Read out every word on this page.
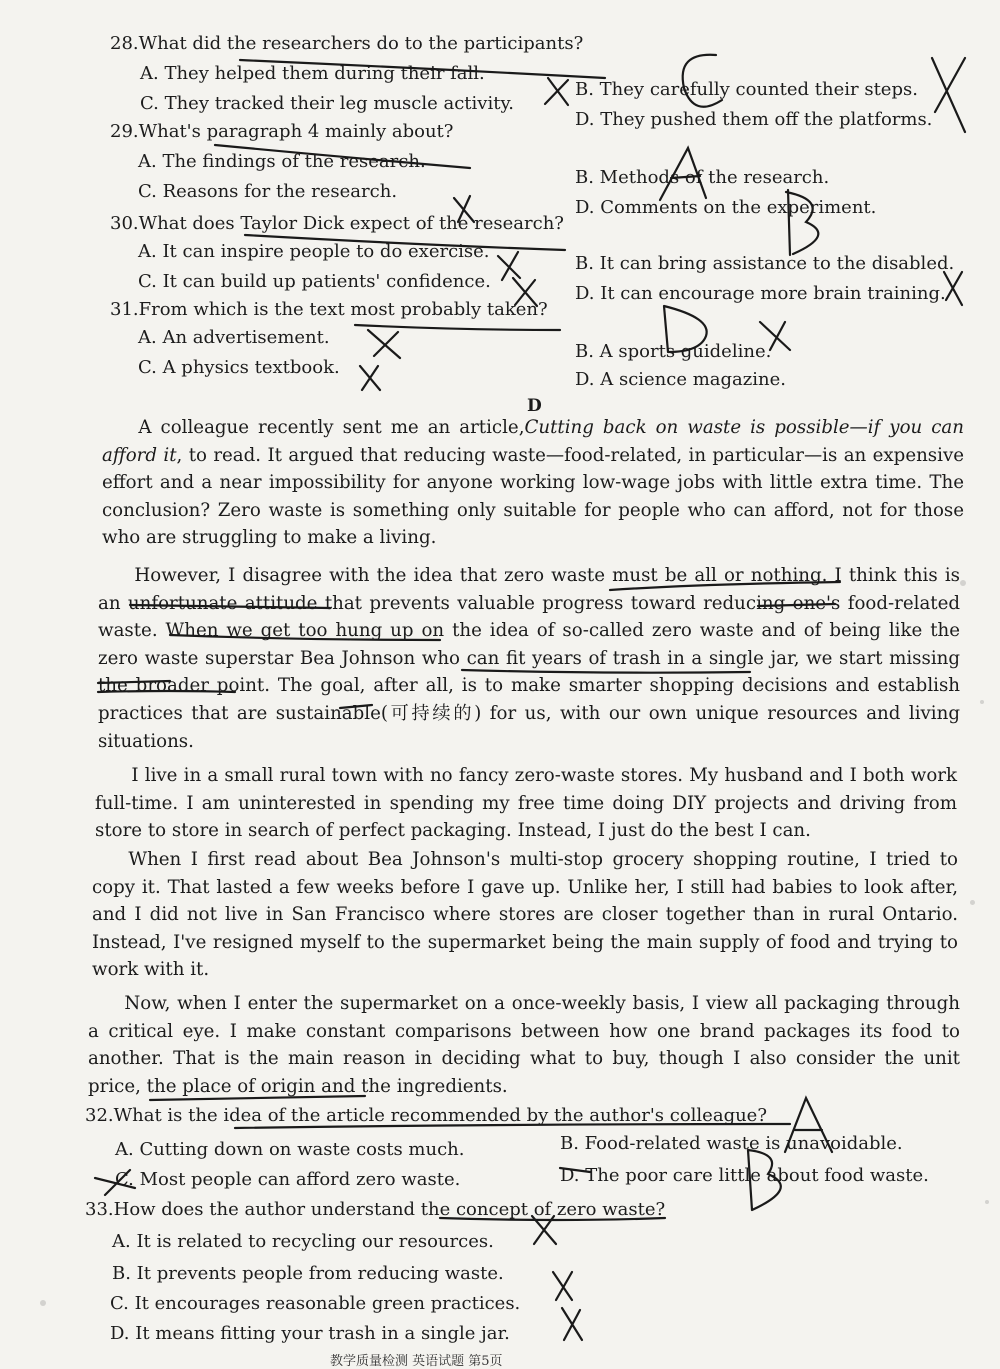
28.What did the researchers do to the participants?
A. They helped them during their fall.
B. They carefully counted their steps.
C. They tracked their leg muscle activity.
D. They pushed them off the platforms.
29.What's paragraph 4 mainly about?
A. The findings of the research.
B. Methods of the research.
C. Reasons for the research.
D. Comments on the experiment.
30.What does Taylor Dick expect of the research?
A. It can inspire people to do exercise.
B. It can bring assistance to the disabled.
C. It can build up patients' confidence.
D. It can encourage more brain training.
31.From which is the text most probably taken?
A. An advertisement.
B. A sports guideline.
C. A physics textbook.
D. A science magazine.
D

A colleague recently sent me an article,Cutting back on waste is possible—if you can afford it, to read. It argued that reducing waste—food-related, in particular—is an expensive effort and a near impossibility for anyone working low-wage jobs with little extra time. The conclusion? Zero waste is something only suitable for people who can afford, not for those who are struggling to make a living.

However, I disagree with the idea that zero waste must be all or nothing. I think this is an unfortunate attitude that prevents valuable progress toward reducing one's food-related waste. When we get too hung up on the idea of so-called zero waste and of being like the zero waste superstar Bea Johnson who can fit years of trash in a single jar, we start missing the broader point. The goal, after all, is to make smarter shopping decisions and establish practices that are sustainable(可持续的) for us, with our own unique resources and living situations.

I live in a small rural town with no fancy zero-waste stores. My husband and I both work full-time. I am uninterested in spending my free time doing DIY projects and driving from store to store in search of perfect packaging. Instead, I just do the best I can.

When I first read about Bea Johnson's multi-stop grocery shopping routine, I tried to copy it. That lasted a few weeks before I gave up. Unlike her, I still had babies to look after, and I did not live in San Francisco where stores are closer together than in rural Ontario. Instead, I've resigned myself to the supermarket being the main supply of food and trying to work with it.

Now, when I enter the supermarket on a once-weekly basis, I view all packaging through a critical eye. I make constant comparisons between how one brand packages its food to another. That is the main reason in deciding what to buy, though I also consider the unit price, the place of origin and the ingredients.

32.What is the idea of the article recommended by the author's colleague?
A. Cutting down on waste costs much.	B. Food-related waste is unavoidable.
C. Most people can afford zero waste.	D. The poor care little about food waste.
33.How does the author understand the concept of zero waste?
A. It is related to recycling our resources.
B. It prevents people from reducing waste.
C. It encourages reasonable green practices.
D. It means fitting your trash in a single jar.
教学质量检测 英语试题 第5页
